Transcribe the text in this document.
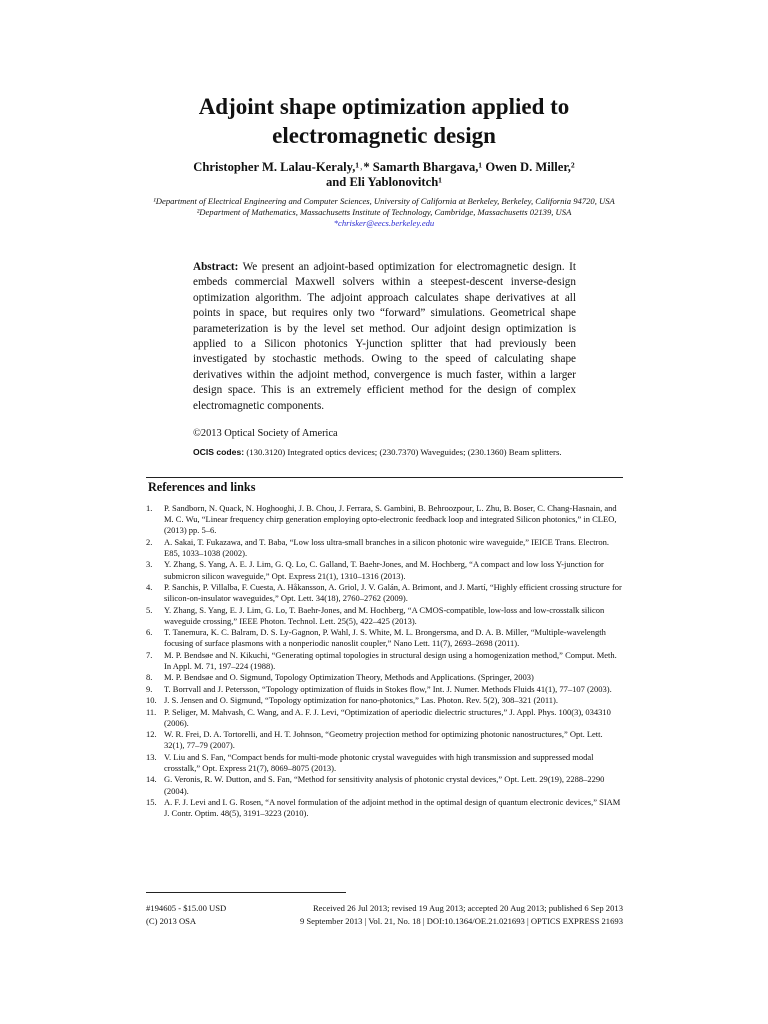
Adjoint shape optimization applied to
electromagnetic design
Christopher M. Lalau-Keraly,¹˒* Samarth Bhargava,¹ Owen D. Miller,²
and Eli Yablonovitch¹
¹Department of Electrical Engineering and Computer Sciences, University of California at Berkeley, Berkeley, California 94720, USA
²Department of Mathematics, Massachusetts Institute of Technology, Cambridge, Massachusetts 02139, USA
*chrisker@eecs.berkeley.edu
Abstract: We present an adjoint-based optimization for electromagnetic design. It embeds commercial Maxwell solvers within a steepest-descent inverse-design optimization algorithm. The adjoint approach calculates shape derivatives at all points in space, but requires only two “forward” simulations. Geometrical shape parameterization is by the level set method. Our adjoint design optimization is applied to a Silicon photonics Y-junction splitter that had previously been investigated by stochastic methods. Owing to the speed of calculating shape derivatives within the adjoint method, convergence is much faster, within a larger design space. This is an extremely efficient method for the design of complex electromagnetic components.
©2013 Optical Society of America
OCIS codes: (130.3120) Integrated optics devices; (230.7370) Waveguides; (230.1360) Beam splitters.
References and links
1.	P. Sandborn, N. Quack, N. Hoghooghi, J. B. Chou, J. Ferrara, S. Gambini, B. Behroozpour, L. Zhu, B. Boser, C. Chang-Hasnain, and M. C. Wu, “Linear frequency chirp generation employing opto-electronic feedback loop and integrated Silicon photonics,” in CLEO, (2013) pp. 5–6.
2.	A. Sakai, T. Fukazawa, and T. Baba, “Low loss ultra-small branches in a silicon photonic wire waveguide,” IEICE Trans. Electron. E85, 1033–1038 (2002).
3.	Y. Zhang, S. Yang, A. E. J. Lim, G. Q. Lo, C. Galland, T. Baehr-Jones, and M. Hochberg, “A compact and low loss Y-junction for submicron silicon waveguide,” Opt. Express 21(1), 1310–1316 (2013).
4.	P. Sanchis, P. Villalba, F. Cuesta, A. Håkansson, A. Griol, J. V. Galán, A. Brimont, and J. Martí, “Highly efficient crossing structure for silicon-on-insulator waveguides,” Opt. Lett. 34(18), 2760–2762 (2009).
5.	Y. Zhang, S. Yang, E. J. Lim, G. Lo, T. Baehr-Jones, and M. Hochberg, “A CMOS-compatible, low-loss and low-crosstalk silicon waveguide crossing,” IEEE Photon. Technol. Lett. 25(5), 422–425 (2013).
6.	T. Tanemura, K. C. Balram, D. S. Ly-Gagnon, P. Wahl, J. S. White, M. L. Brongersma, and D. A. B. Miller, “Multiple-wavelength focusing of surface plasmons with a nonperiodic nanoslit coupler,” Nano Lett. 11(7), 2693–2698 (2011).
7.	M. P. Bendsøe and N. Kikuchi, “Generating optimal topologies in structural design using a homogenization method,” Comput. Meth. In Appl. M. 71, 197–224 (1988).
8.	M. P. Bendsøe and O. Sigmund, Topology Optimization Theory, Methods and Applications. (Springer, 2003)
9.	T. Borrvall and J. Petersson, “Topology optimization of fluids in Stokes flow,” Int. J. Numer. Methods Fluids 41(1), 77–107 (2003).
10. J. S. Jensen and O. Sigmund, “Topology optimization for nano-photonics,” Las. Photon. Rev. 5(2), 308–321 (2011).
11. P. Seliger, M. Mahvash, C. Wang, and A. F. J. Levi, “Optimization of aperiodic dielectric structures,” J. Appl. Phys. 100(3), 034310 (2006).
12. W. R. Frei, D. A. Tortorelli, and H. T. Johnson, “Geometry projection method for optimizing photonic nanostructures,” Opt. Lett. 32(1), 77–79 (2007).
13. V. Liu and S. Fan, “Compact bends for multi-mode photonic crystal waveguides with high transmission and suppressed modal crosstalk,” Opt. Express 21(7), 8069–8075 (2013).
14. G. Veronis, R. W. Dutton, and S. Fan, “Method for sensitivity analysis of photonic crystal devices,” Opt. Lett. 29(19), 2288–2290 (2004).
15. A. F. J. Levi and I. G. Rosen, “A novel formulation of the adjoint method in the optimal design of quantum electronic devices,” SIAM J. Contr. Optim. 48(5), 3191–3223 (2010).
#194605 - $15.00 USD	Received 26 Jul 2013; revised 19 Aug 2013; accepted 20 Aug 2013; published 6 Sep 2013
(C) 2013 OSA	9 September 2013 | Vol. 21, No. 18 | DOI:10.1364/OE.21.021693 | OPTICS EXPRESS 21693
